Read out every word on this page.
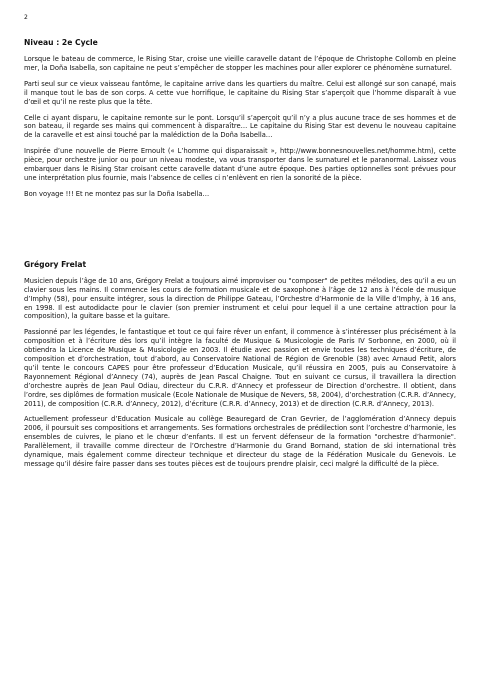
2
Niveau : 2e Cycle

Lorsque le bateau de commerce, le Rising Star, croise une vieille caravelle datant de l’époque de Christophe Collomb en pleine mer, la Doña Isabella, son capitaine ne peut s’empêcher de stopper les machines pour aller explorer ce phénomène surnaturel.

Parti seul sur ce vieux vaisseau fantôme, le capitaine arrive dans les quartiers du maître. Celui est allongé sur son canapé, mais il manque tout le bas de son corps. A cette vue horrifique, le capitaine du Rising Star s’aperçoit que l’homme disparaît à vue d’œil et qu’il ne reste plus que la tête.

Celle ci ayant disparu, le capitaine remonte sur le pont. Lorsqu’il s’aperçoit qu’il n’y a plus aucune trace de ses hommes et de son bateau, il regarde ses mains qui commencent à disparaître… Le capitaine du Rising Star est devenu le nouveau capitaine de la caravelle et est ainsi touché par la malédiction de la Doña Isabella…

Inspirée d’une nouvelle de Pierre Ernoult (« L’homme qui disparaissait », http://www.bonnesnouvelles.net/homme.htm), cette pièce, pour orchestre junior ou pour un niveau modeste, va vous transporter dans le surnaturel et le paranormal. Laissez vous embarquer dans le Rising Star croisant cette caravelle datant d’une autre époque. Des parties optionnelles sont prévues pour une interprétation plus fournie, mais l’absence de celles ci n’enlèvent en rien la sonorité de la pièce.

Bon voyage !!! Et ne montez pas sur la Doña Isabella…

Grégory Frelat

Musicien depuis l’âge de 10 ans, Grégory Frelat a toujours aimé improviser ou "composer" de petites mélodies, des qu’il a eu un clavier sous les mains. Il commence les cours de formation musicale et de saxophone à l’âge de 12 ans à l’école de musique d’Imphy (58), pour ensuite intégrer, sous la direction de Philippe Gateau, l’Orchestre d’Harmonie de la Ville d’Imphy, à 16 ans, en 1998. Il est autodidacte pour le clavier (son premier instrument et celui pour lequel il a une certaine attraction pour la composition), la guitare basse et la guitare.

Passionné par les légendes, le fantastique et tout ce qui faire rêver un enfant, il commence à s’intéresser plus précisément à la composition et à l’écriture dès lors qu’il intègre la faculté de Musique & Musicologie de Paris IV Sorbonne, en 2000, où il obtiendra la Licence de Musique & Musicologie en 2003. Il étudie avec passion et envie toutes les techniques d’écriture, de composition et d’orchestration, tout d’abord, au Conservatoire National de Région de Grenoble (38) avec Arnaud Petit, alors qu’il tente le concours CAPES pour être professeur d’Education Musicale, qu’il réussira en 2005, puis au Conservatoire à Rayonnement Régional d’Annecy (74), auprès de Jean Pascal Chaigne. Tout en suivant ce cursus, il travaillera la direction d’orchestre auprès de Jean Paul Odiau, directeur du C.R.R. d’Annecy et professeur de Direction d’orchestre. Il obtient, dans l’ordre, ses diplômes de formation musicale (Ecole Nationale de Musique de Nevers, 58, 2004), d’orchestration (C.R.R. d’Annecy, 2011), de composition (C.R.R. d’Annecy, 2012), d’écriture (C.R.R. d’Annecy, 2013) et de direction (C.R.R. d’Annecy, 2013).

Actuellement professeur d’Education Musicale au collège Beauregard de Cran Gevrier, de l’agglomération d’Annecy depuis 2006, il poursuit ses compositions et arrangements. Ses formations orchestrales de prédilection sont l’orchestre d’harmonie, les ensembles de cuivres, le piano et le chœur d’enfants. Il est un fervent défenseur de la formation "orchestre d’harmonie". Parallèlement, il travaille comme directeur de l’Orchestre d’Harmonie du Grand Bornand, station de ski international très dynamique, mais également comme directeur technique et directeur du stage de la Fédération Musicale du Genevois. Le message qu’il désire faire passer dans ses toutes pièces est de toujours prendre plaisir, ceci malgré la difficulté de la pièce.
